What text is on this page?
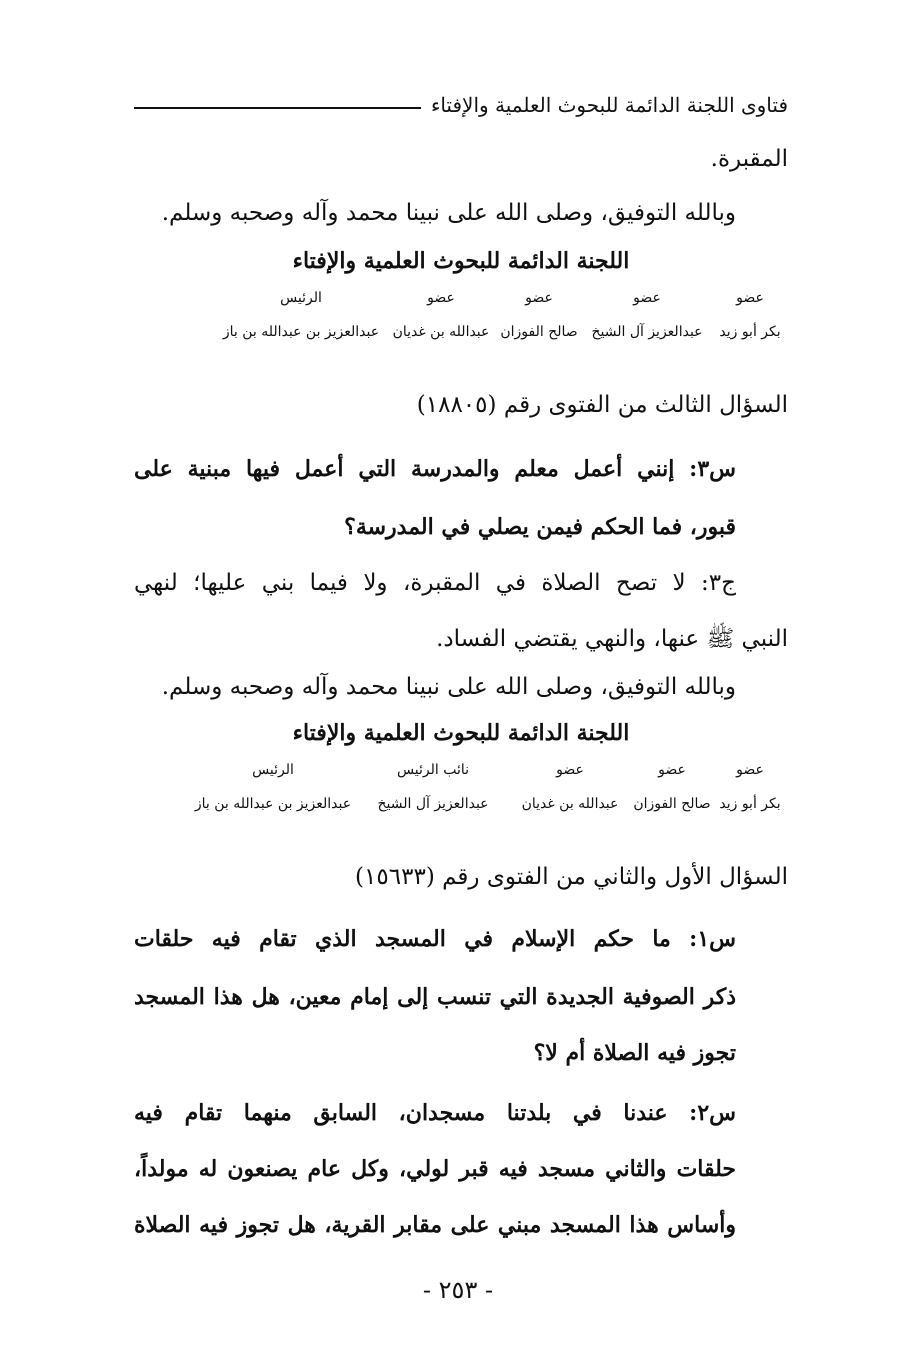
فتاوى اللجنة الدائمة للبحوث العلمية والإفتاء
المقبرة.
وبالله التوفيق، وصلى الله على نبينا محمد وآله وصحبه وسلم.
اللجنة الدائمة للبحوث العلمية والإفتاء
عضو
عضو
عضو
عضو
الرئيس
بكر أبو زيد
عبدالعزيز آل الشيخ
صالح الفوزان
عبدالله بن غديان
عبدالعزيز بن عبدالله بن باز
السؤال الثالث من الفتوى رقم (١٨٨٠٥)
س٣: إنني أعمل معلم والمدرسة التي أعمل فيها مبنية على
قبور، فما الحكم فيمن يصلي في المدرسة؟
ج٣: لا تصح الصلاة في المقبرة، ولا فيما بني عليها؛ لنهي
النبي ﷺ عنها، والنهي يقتضي الفساد.
وبالله التوفيق، وصلى الله على نبينا محمد وآله وصحبه وسلم.
اللجنة الدائمة للبحوث العلمية والإفتاء
عضو
عضو
عضو
نائب الرئيس
الرئيس
بكر أبو زيد
صالح الفوزان
عبدالله بن غديان
عبدالعزيز آل الشيخ
عبدالعزيز بن عبدالله بن باز
السؤال الأول والثاني من الفتوى رقم (١٥٦٣٣)
س١: ما حكم الإسلام في المسجد الذي تقام فيه حلقات
ذكر الصوفية الجديدة التي تنسب إلى إمام معين، هل هذا المسجد
تجوز فيه الصلاة أم لا؟
س٢: عندنا في بلدتنا مسجدان، السابق منهما تقام فيه
حلقات والثاني مسجد فيه قبر لولي، وكل عام يصنعون له مولداً،
وأساس هذا المسجد مبني على مقابر القرية، هل تجوز فيه الصلاة
- ٢٥٣ -
